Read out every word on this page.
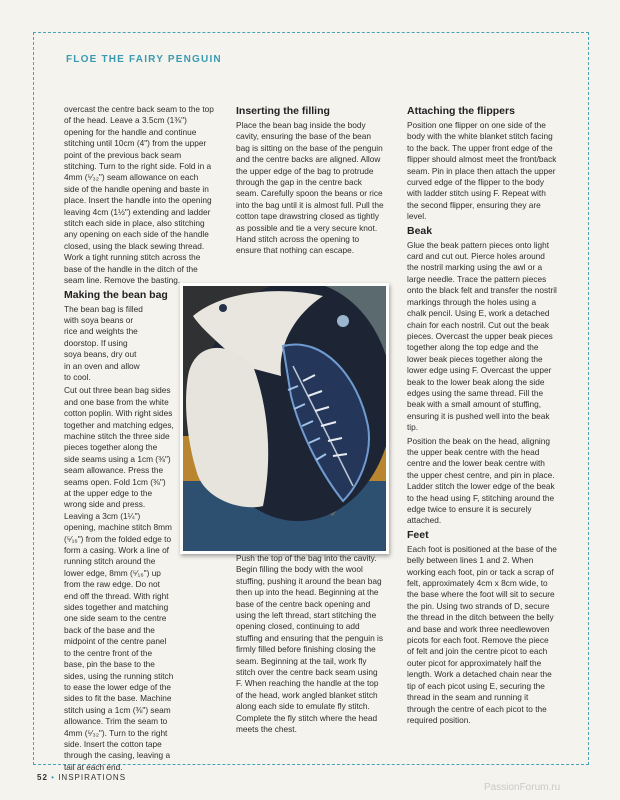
FLOE THE FAIRY PENGUIN

overcast the centre back seam to the top of the head. Leave a 3.5cm (1⅜") opening for the handle and continue stitching until 10cm (4") from the upper point of the previous back seam stitching. Turn to the right side. Fold in a 4mm (⁵⁄₃₂") seam allowance on each side of the handle opening and baste in place. Insert the handle into the opening leaving 4cm (1½") extending and ladder stitch each side in place, also stitching any opening on each side of the handle closed, using the black sewing thread. Work a tight running stitch across the base of the handle in the ditch of the seam line. Remove the basting.

Making the bean bag

The bean bag is filled with soya beans or rice and weights the doorstop. If using soya beans, dry out in an oven and allow to cool.

Cut out three bean bag sides and one base from the white cotton poplin. With right sides together and matching edges, machine stitch the three side pieces together along the side seams using a 1cm (⅜") seam allowance. Press the seams open. Fold 1cm (⅜") at the upper edge to the wrong side and press. Leaving a 3cm (1¼") opening, machine stitch 8mm (⁵⁄₁₆") from the folded edge to form a casing. Work a line of running stitch around the lower edge, 8mm (⁵⁄₁₆") up from the raw edge. Do not end off the thread. With right sides together and matching one side seam to the centre back of the base and the midpoint of the centre panel to the centre front of the base, pin the base to the sides, using the running stitch to ease the lower edge of the sides to fit the base. Machine stitch using a 1cm (⅜") seam allowance. Trim the seam to 4mm (⁵⁄₃₂"). Turn to the right side. Insert the cotton tape through the casing, leaving a tail at each end.

Inserting the filling

Place the bean bag inside the body cavity, ensuring the base of the bean bag is sitting on the base of the penguin and the centre backs are aligned. Allow the upper edge of the bag to protrude through the gap in the centre back seam. Carefully spoon the beans or rice into the bag until it is almost full. Pull the cotton tape drawstring closed as tightly as possible and tie a very secure knot. Hand stitch across the opening to ensure that nothing can escape.

Push the top of the bag into the cavity. Begin filling the body with the wool stuffing, pushing it around the bean bag then up into the head. Beginning at the base of the centre back opening and using the left thread, start stitching the opening closed, continuing to add stuffing and ensuring that the penguin is firmly filled before finishing closing the seam. Beginning at the tail, work fly stitch over the centre back seam using F. When reaching the handle at the top of the head, work angled blanket stitch along each side to emulate fly stitch. Complete the fly stitch where the head meets the chest.

Attaching the flippers

Position one flipper on one side of the body with the white blanket stitch facing to the back. The upper front edge of the flipper should almost meet the front/back seam. Pin in place then attach the upper curved edge of the flipper to the body with ladder stitch using F. Repeat with the second flipper, ensuring they are level.

Beak

Glue the beak pattern pieces onto light card and cut out. Pierce holes around the nostril marking using the awl or a large needle. Trace the pattern pieces onto the black felt and transfer the nostril markings through the holes using a chalk pencil. Using E, work a detached chain for each nostril. Cut out the beak pieces. Overcast the upper beak pieces together along the top edge and the lower beak pieces together along the lower edge using F. Overcast the upper beak to the lower beak along the side edges using the same thread. Fill the beak with a small amount of stuffing, ensuring it is pushed well into the beak tip.

Position the beak on the head, aligning the upper beak centre with the head centre and the lower beak centre with the upper chest centre, and pin in place. Ladder stitch the lower edge of the beak to the head using F, stitching around the edge twice to ensure it is securely attached.

Feet

Each foot is positioned at the base of the belly between lines 1 and 2. When working each foot, pin or tack a scrap of felt, approximately 4cm x 8cm wide, to the base where the foot will sit to secure the pin. Using two strands of D, secure the thread in the ditch between the belly and base and work three needlewoven picots for each foot. Remove the piece of felt and join the centre picot to each outer picot for approximately half the length. Work a detached chain near the tip of each picot using E, securing the thread in the seam and running it through the centre of each picot to the required position.

52 • INSPIRATIONS
PassionForum.ru
